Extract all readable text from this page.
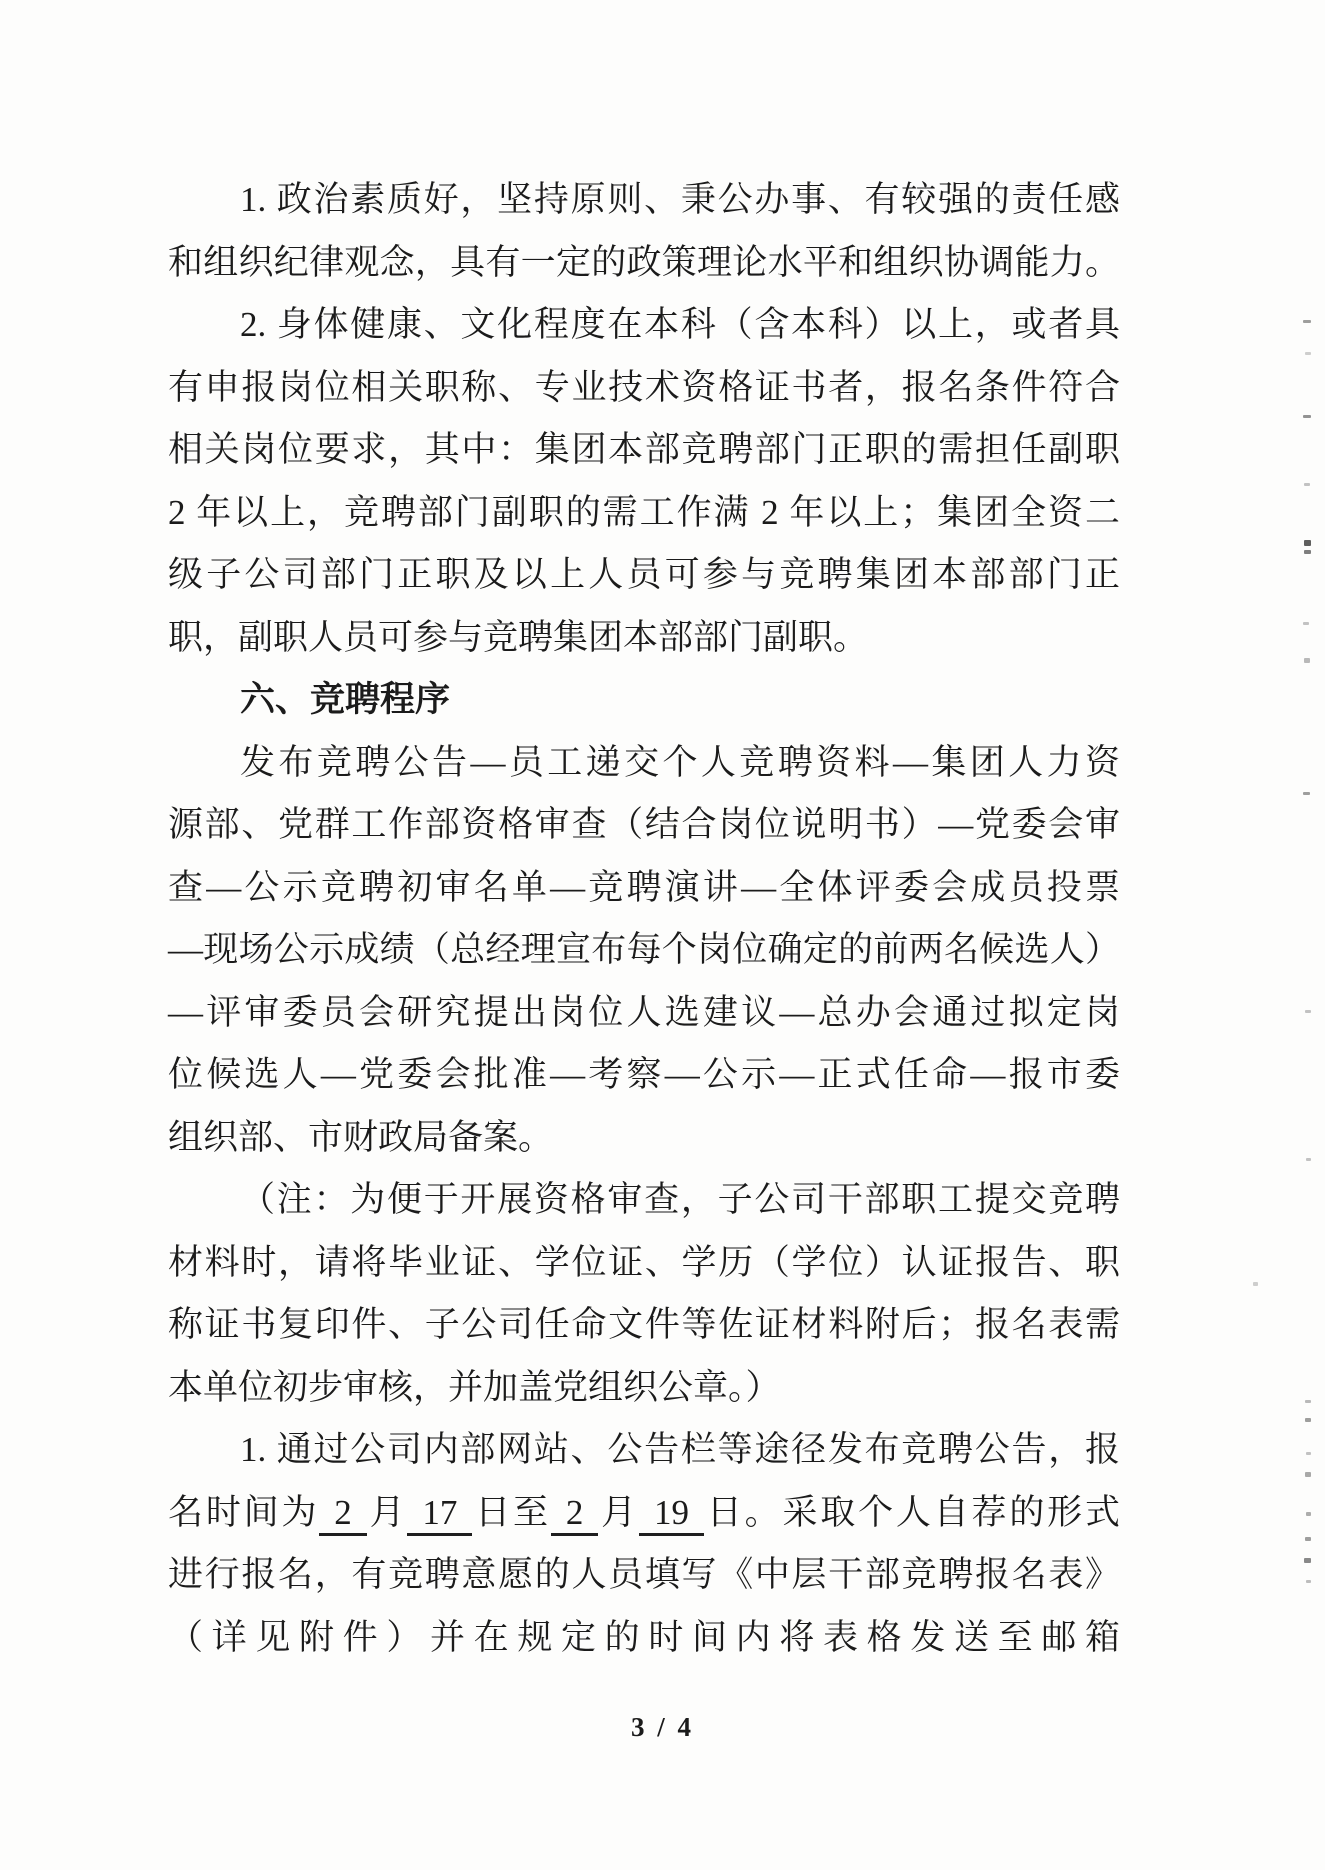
1. 政治素质好，坚持原则、秉公办事、有较强的责任感
和组织纪律观念，具有一定的政策理论水平和组织协调能力。
2. 身体健康、文化程度在本科（含本科）以上，或者具
有申报岗位相关职称、专业技术资格证书者，报名条件符合
相关岗位要求，其中：集团本部竞聘部门正职的需担任副职
2 年以上，竞聘部门副职的需工作满 2 年以上；集团全资二
级子公司部门正职及以上人员可参与竞聘集团本部部门正
职，副职人员可参与竞聘集团本部部门副职。
六、竞聘程序
发布竞聘公告—员工递交个人竞聘资料—集团人力资
源部、党群工作部资格审查（结合岗位说明书）—党委会审
查—公示竞聘初审名单—竞聘演讲—全体评委会成员投票
—现场公示成绩（总经理宣布每个岗位确定的前两名候选人）
—评审委员会研究提出岗位人选建议—总办会通过拟定岗
位候选人—党委会批准—考察—公示—正式任命—报市委
组织部、市财政局备案。
（注：为便于开展资格审查，子公司干部职工提交竞聘
材料时，请将毕业证、学位证、学历（学位）认证报告、职
称证书复印件、子公司任命文件等佐证材料附后；报名表需
本单位初步审核，并加盖党组织公章。）
1. 通过公司内部网站、公告栏等途径发布竞聘公告，报
名时间为 2 月 17 日至 2 月 19 日。采取个人自荐的形式
进行报名，有竞聘意愿的人员填写《中层干部竞聘报名表》
（详见附件）并在规定的时间内将表格发送至邮箱
3 / 4
